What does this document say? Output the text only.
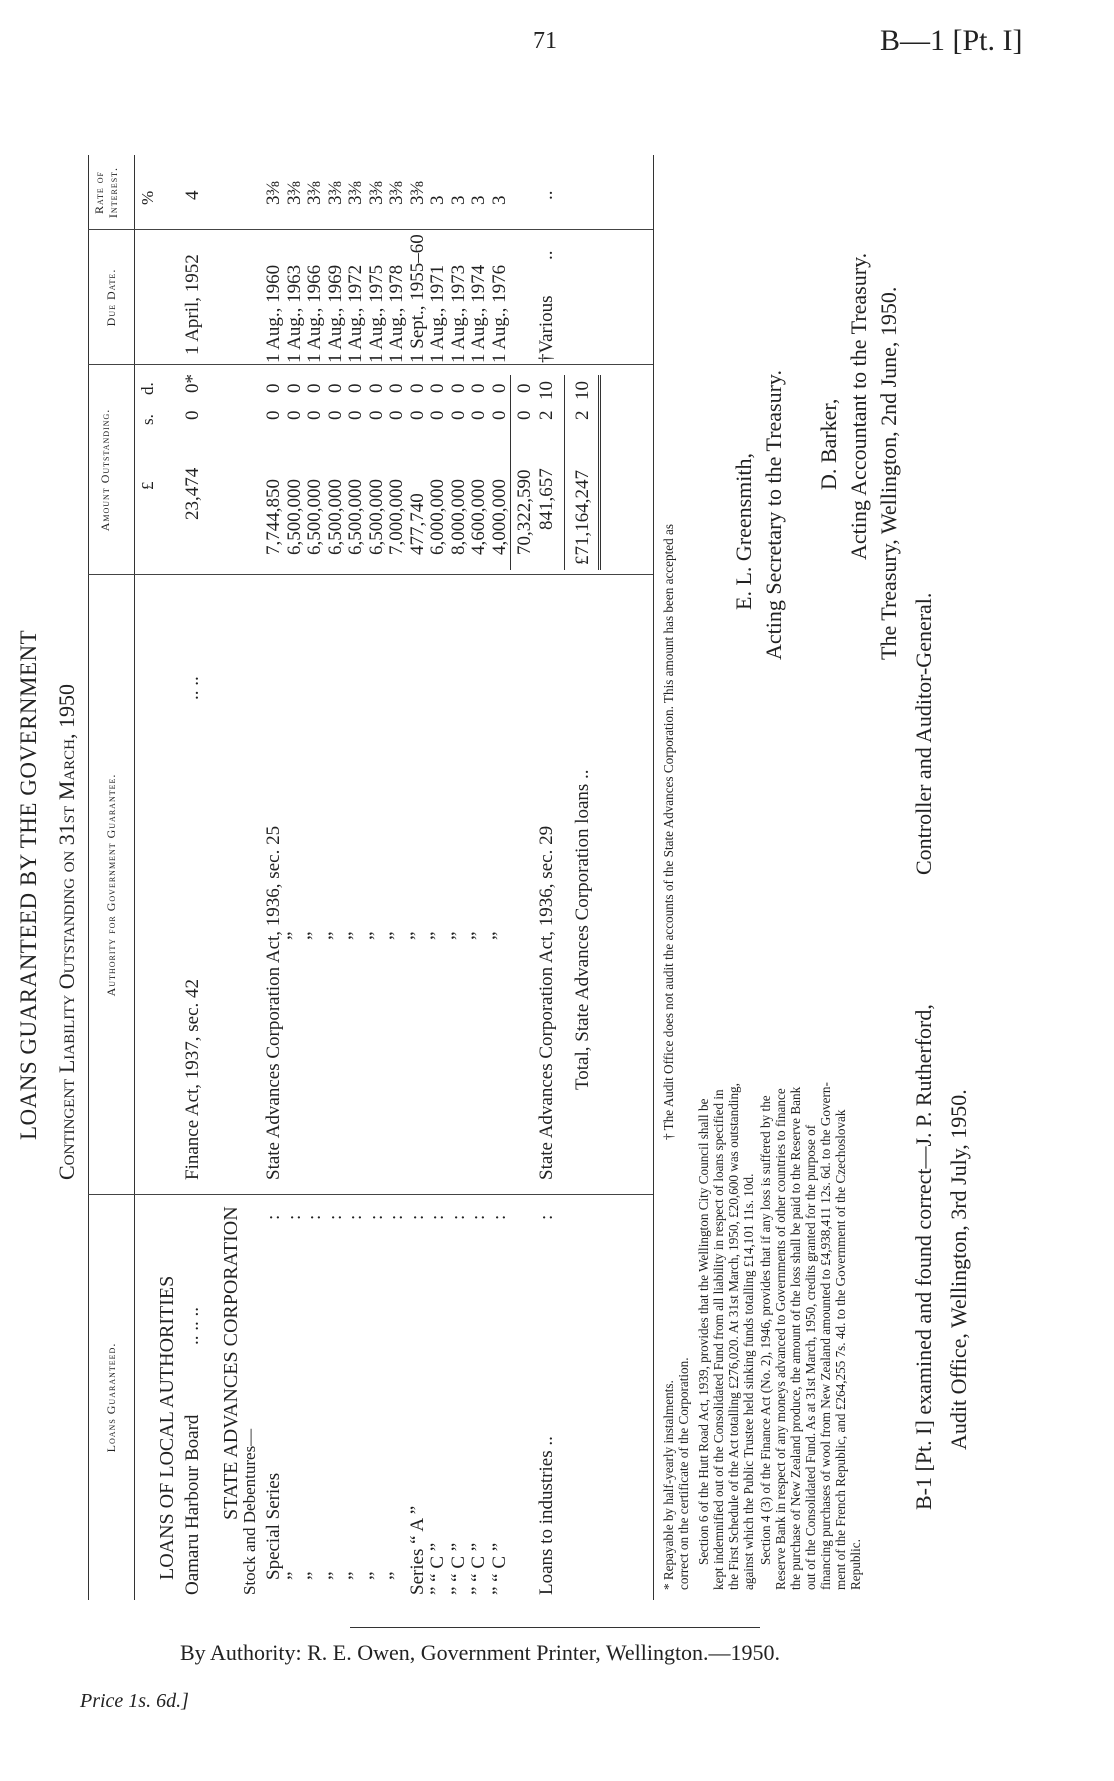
71	B—1 [Pt. I]
LOANS GUARANTEED BY THE GOVERNMENT Contingent Liability Outstanding on 31st March, 1950
Loans Guaranteed.
Authority for Government Guarantee.
Amount Outstanding.
Due Date.
Rate of Interest.
£
s.
d.
%
LOANS OF LOCAL AUTHORITIES Oamaru Harbour Board
.. .. ..
Finance Act, 1937, sec. 42
.. ..
23,474
0
0*
1 April, 1952
4
STATE ADVANCES CORPORATION
Stock and Debentures— Special Series
State Advances Corporation Act, 1936, sec. 25
7,744,850
0
0
1 Aug., 1960
3⅜
:
”
”
6,500,000
0
0
1 Aug., 1963
3⅜
:
”
”
6,500,000
0
0
1 Aug., 1966
3⅜
:
”
”
6,500,000
0
0
1 Aug., 1969
3⅜
:
”
”
6,500,000
0
0
1 Aug., 1972
3⅜
:
”
”
6,500,000
0
0
1 Aug., 1975
3⅜
:
”
”
7,000,000
0
0
1 Aug., 1978
3⅜
:
Series “ A ”
”
477,740
0
0
1 Sept., 1955–60
3⅜
:
” “ C ”
”
6,000,000
0
0
1 Aug., 1971
3
:
” “ C ”
”
8,000,000
0
0
1 Aug., 1973
3
:
” “ C ”
”
4,600,000
0
0
1 Aug., 1974
3
:
” “ C ”
”
4,000,000
0
0
1 Aug., 1976
3
:
70,322,590
0
0
Loans to industries ..
:
State Advances Corporation Act, 1936, sec. 29
841,657
2
10
†Various
..
..
Total, State Advances Corporation loans ..
£71,164,247
2
10
* Repayable by half-yearly instalments.
† The Audit Office does not audit the accounts of the State Advances Corporation. This amount has been accepted as
correct on the certificate of the Corporation. Section 6 of the Hutt Road Act, 1939, provides that the Wellington City Council shall be kept indemnified out of the Consolidated Fund from all liability in respect of loans specified in the First Schedule of the Act totalling £276,020. At 31st March, 1950, £20,600 was outstanding, against which the Public Trustee held sinking funds totalling £14,101 11s. 10d. Section 4 (3) of the Finance Act (No. 2), 1946, provides that if any loss is suffered by the Reserve Bank in respect of any moneys advanced to Governments of other countries to finance the purchase of New Zealand produce, the amount of the loss shall be paid to the Reserve Bank out of the Consolidated Fund. As at 31st March, 1950, credits granted for the purpose of financing purchases of wool from New Zealand amounted to £4,938,411 12s. 6d. to the Govern- ment of the French Republic, and £264,255 7s. 4d. to the Government of the Czechoslovak Republic.
E. L. Greensmith, Acting Secretary to the Treasury. D. Barker, Acting Accountant to the Treasury. The Treasury, Wellington, 2nd June, 1950.
B-1 [Pt. I] examined and found correct—J. P. Rutherford,
Controller and Auditor-General.
Audit Office, Wellington, 3rd July, 1950.
By Authority: R. E. Owen, Government Printer, Wellington.—1950.
Price 1s. 6d.]
